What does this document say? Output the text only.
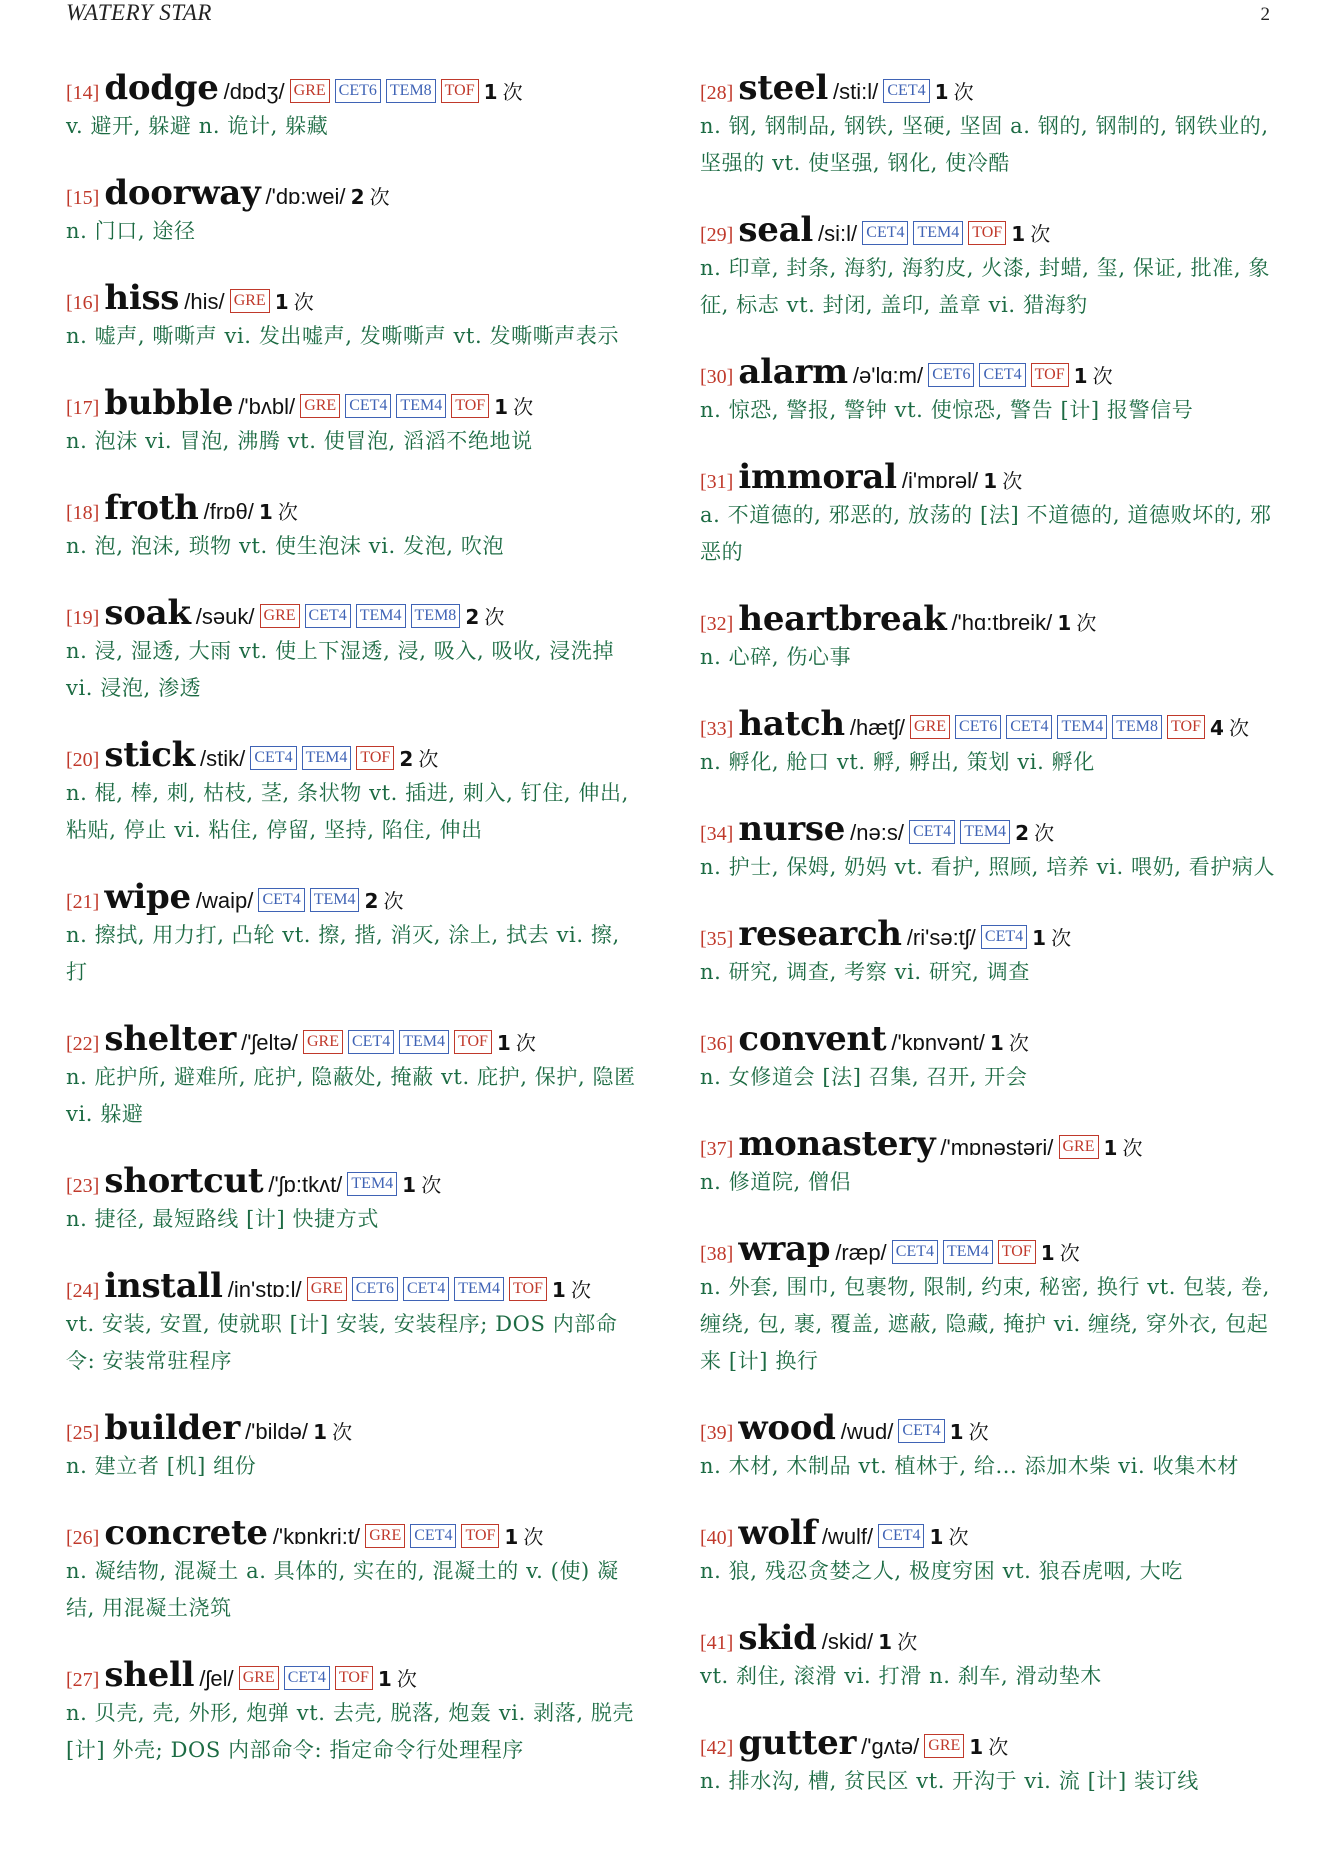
WATERY STAR	2
[14] dodge /dɒdʒ/ GRE CET6 TEM8 TOF 1 次
v. 避开, 躲避 n. 诡计, 躲藏
[15] doorway /'dɒ:wei/ 2 次
n. 门口, 途径
[16] hiss /his/ GRE 1 次
n. 嘘声, 嘶嘶声 vi. 发出嘘声, 发嘶嘶声 vt. 发嘶嘶声表示
[17] bubble /'bʌbl/ GRE CET4 TEM4 TOF 1 次
n. 泡沫 vi. 冒泡, 沸腾 vt. 使冒泡, 滔滔不绝地说
[18] froth /frɒθ/ 1 次
n. 泡, 泡沫, 琐物 vt. 使生泡沫 vi. 发泡, 吹泡
[19] soak /səuk/ GRE CET4 TEM4 TEM8 2 次
n. 浸, 湿透, 大雨 vt. 使上下湿透, 浸, 吸入, 吸收, 浸洗掉 vi. 浸泡, 渗透
[20] stick /stik/ CET4 TEM4 TOF 2 次
n. 棍, 棒, 刺, 枯枝, 茎, 条状物 vt. 插进, 刺入, 钉住, 伸出, 粘贴, 停止 vi. 粘住, 停留, 坚持, 陷住, 伸出
[21] wipe /waip/ CET4 TEM4 2 次
n. 擦拭, 用力打, 凸轮 vt. 擦, 揩, 消灭, 涂上, 拭去 vi. 擦, 打
[22] shelter /'ʃeltə/ GRE CET4 TEM4 TOF 1 次
n. 庇护所, 避难所, 庇护, 隐蔽处, 掩蔽 vt. 庇护, 保护, 隐匿 vi. 躲避
[23] shortcut /'ʃɒ:tkʌt/ TEM4 1 次
n. 捷径, 最短路线 [计] 快捷方式
[24] install /in'stɒ:l/ GRE CET6 CET4 TEM4 TOF 1 次
vt. 安装, 安置, 使就职 [计] 安装, 安装程序; DOS 内部命令: 安装常驻程序
[25] builder /'bildə/ 1 次
n. 建立者 [机] 组份
[26] concrete /'kɒnkri:t/ GRE CET4 TOF 1 次
n. 凝结物, 混凝土 a. 具体的, 实在的, 混凝土的 v. (使) 凝结, 用混凝土浇筑
[27] shell /ʃel/ GRE CET4 TOF 1 次
n. 贝壳, 壳, 外形, 炮弹 vt. 去壳, 脱落, 炮轰 vi. 剥落, 脱壳 [计] 外壳; DOS 内部命令: 指定命令行处理程序
[28] steel /sti:l/ CET4 1 次
n. 钢, 钢制品, 钢铁, 坚硬, 坚固 a. 钢的, 钢制的, 钢铁业的, 坚强的 vt. 使坚强, 钢化, 使冷酷
[29] seal /si:l/ CET4 TEM4 TOF 1 次
n. 印章, 封条, 海豹, 海豹皮, 火漆, 封蜡, 玺, 保证, 批准, 象征, 标志 vt. 封闭, 盖印, 盖章 vi. 猎海豹
[30] alarm /ə'lɑ:m/ CET6 CET4 TOF 1 次
n. 惊恐, 警报, 警钟 vt. 使惊恐, 警告 [计] 报警信号
[31] immoral /i'mɒrəl/ 1 次
a. 不道德的, 邪恶的, 放荡的 [法] 不道德的, 道德败坏的, 邪恶的
[32] heartbreak /'hɑ:tbreik/ 1 次
n. 心碎, 伤心事
[33] hatch /hætʃ/ GRE CET6 CET4 TEM4 TEM8 TOF 4 次
n. 孵化, 舱口 vt. 孵, 孵出, 策划 vi. 孵化
[34] nurse /nə:s/ CET4 TEM4 2 次
n. 护士, 保姆, 奶妈 vt. 看护, 照顾, 培养 vi. 喂奶, 看护病人
[35] research /ri'sə:tʃ/ CET4 1 次
n. 研究, 调查, 考察 vi. 研究, 调查
[36] convent /'kɒnvənt/ 1 次
n. 女修道会 [法] 召集, 召开, 开会
[37] monastery /'mɒnəstəri/ GRE 1 次
n. 修道院, 僧侣
[38] wrap /ræp/ CET4 TEM4 TOF 1 次
n. 外套, 围巾, 包裹物, 限制, 约束, 秘密, 换行 vt. 包装, 卷, 缠绕, 包, 裹, 覆盖, 遮蔽, 隐藏, 掩护 vi. 缠绕, 穿外衣, 包起来 [计] 换行
[39] wood /wud/ CET4 1 次
n. 木材, 木制品 vt. 植林于, 给... 添加木柴 vi. 收集木材
[40] wolf /wulf/ CET4 1 次
n. 狼, 残忍贪婪之人, 极度穷困 vt. 狼吞虎咽, 大吃
[41] skid /skid/ 1 次
vt. 刹住, 滚滑 vi. 打滑 n. 刹车, 滑动垫木
[42] gutter /'gʌtə/ GRE 1 次
n. 排水沟, 槽, 贫民区 vt. 开沟于 vi. 流 [计] 装订线
